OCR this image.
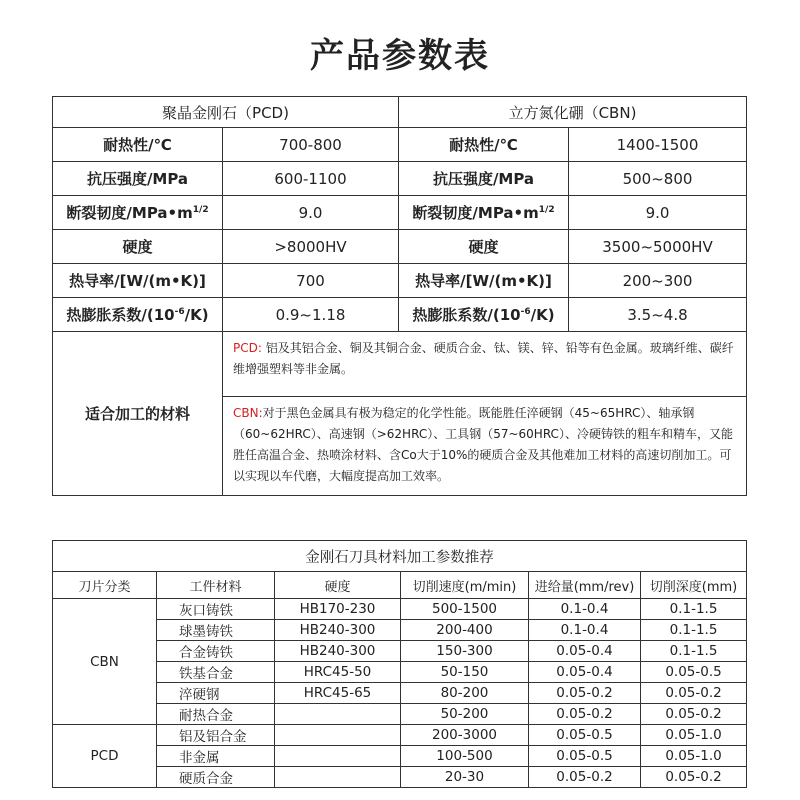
产品参数表
聚晶金刚石（PCD)		立方氮化硼（CBN)	
耐热性/℃	700-800	耐热性/℃	1400-1500
抗压强度/MPa	600-1100	抗压强度/MPa	500~800
断裂韧度$/MPa•m^{1/2}$	9.0	断裂韧度$/MPa•m^{1/2}$	9.0
硬度	>8000HV	硬度	3500~5000HV
热导率/[W/(m•K)]	700	热导率/[W/(m•K)]	200~300
热膨胀系数$/(10^{-6}/K)$	0.9~1.18	热膨胀系数$/(10^{-6}/K)$	3.5~4.8
适合加工的材料	PCD: 铝及其铝合金、铜及其铜合金、硬质合金、钛、镁、锌、铅等有色金属。玻璃纤维、碳纤维增强塑料等非金属。		
	CBN:对于黑色金属具有极为稳定的化学性能。既能胜任淬硬钢（45~65HRC）、轴承钢（60~62HRC）、高速钢（>62HRC）、工具钢（57~60HRC）、冷硬铸铁的粗车和精车，又能胜任高温合金、热喷涂材料、含Co大于10%的硬质合金及其他难加工材料的高速切削加工。可以实现以车代磨，大幅度提高加工效率。		
金刚石刀具材料加工参数推荐					
刀片分类	工件材料	硬度	切削速度(m/min)	进给量(mm/rev)	切削深度(mm)
CBN	灰口铸铁	HB170-230	500-1500	0.1-0.4	0.1-1.5
	球墨铸铁	HB240-300	200-400	0.1-0.4	0.1-1.5
	合金铸铁	HB240-300	150-300	0.05-0.4	0.1-1.5
	铁基合金	HRC45-50	50-150	0.05-0.4	0.05-0.5
	淬硬钢	HRC45-65	80-200	0.05-0.2	0.05-0.2
	耐热合金		50-200	0.05-0.2	0.05-0.2
PCD	铝及铝合金		200-3000	0.05-0.5	0.05-1.0
	非金属		100-500	0.05-0.5	0.05-1.0
	硬质合金		20-30	0.05-0.2	0.05-0.2
